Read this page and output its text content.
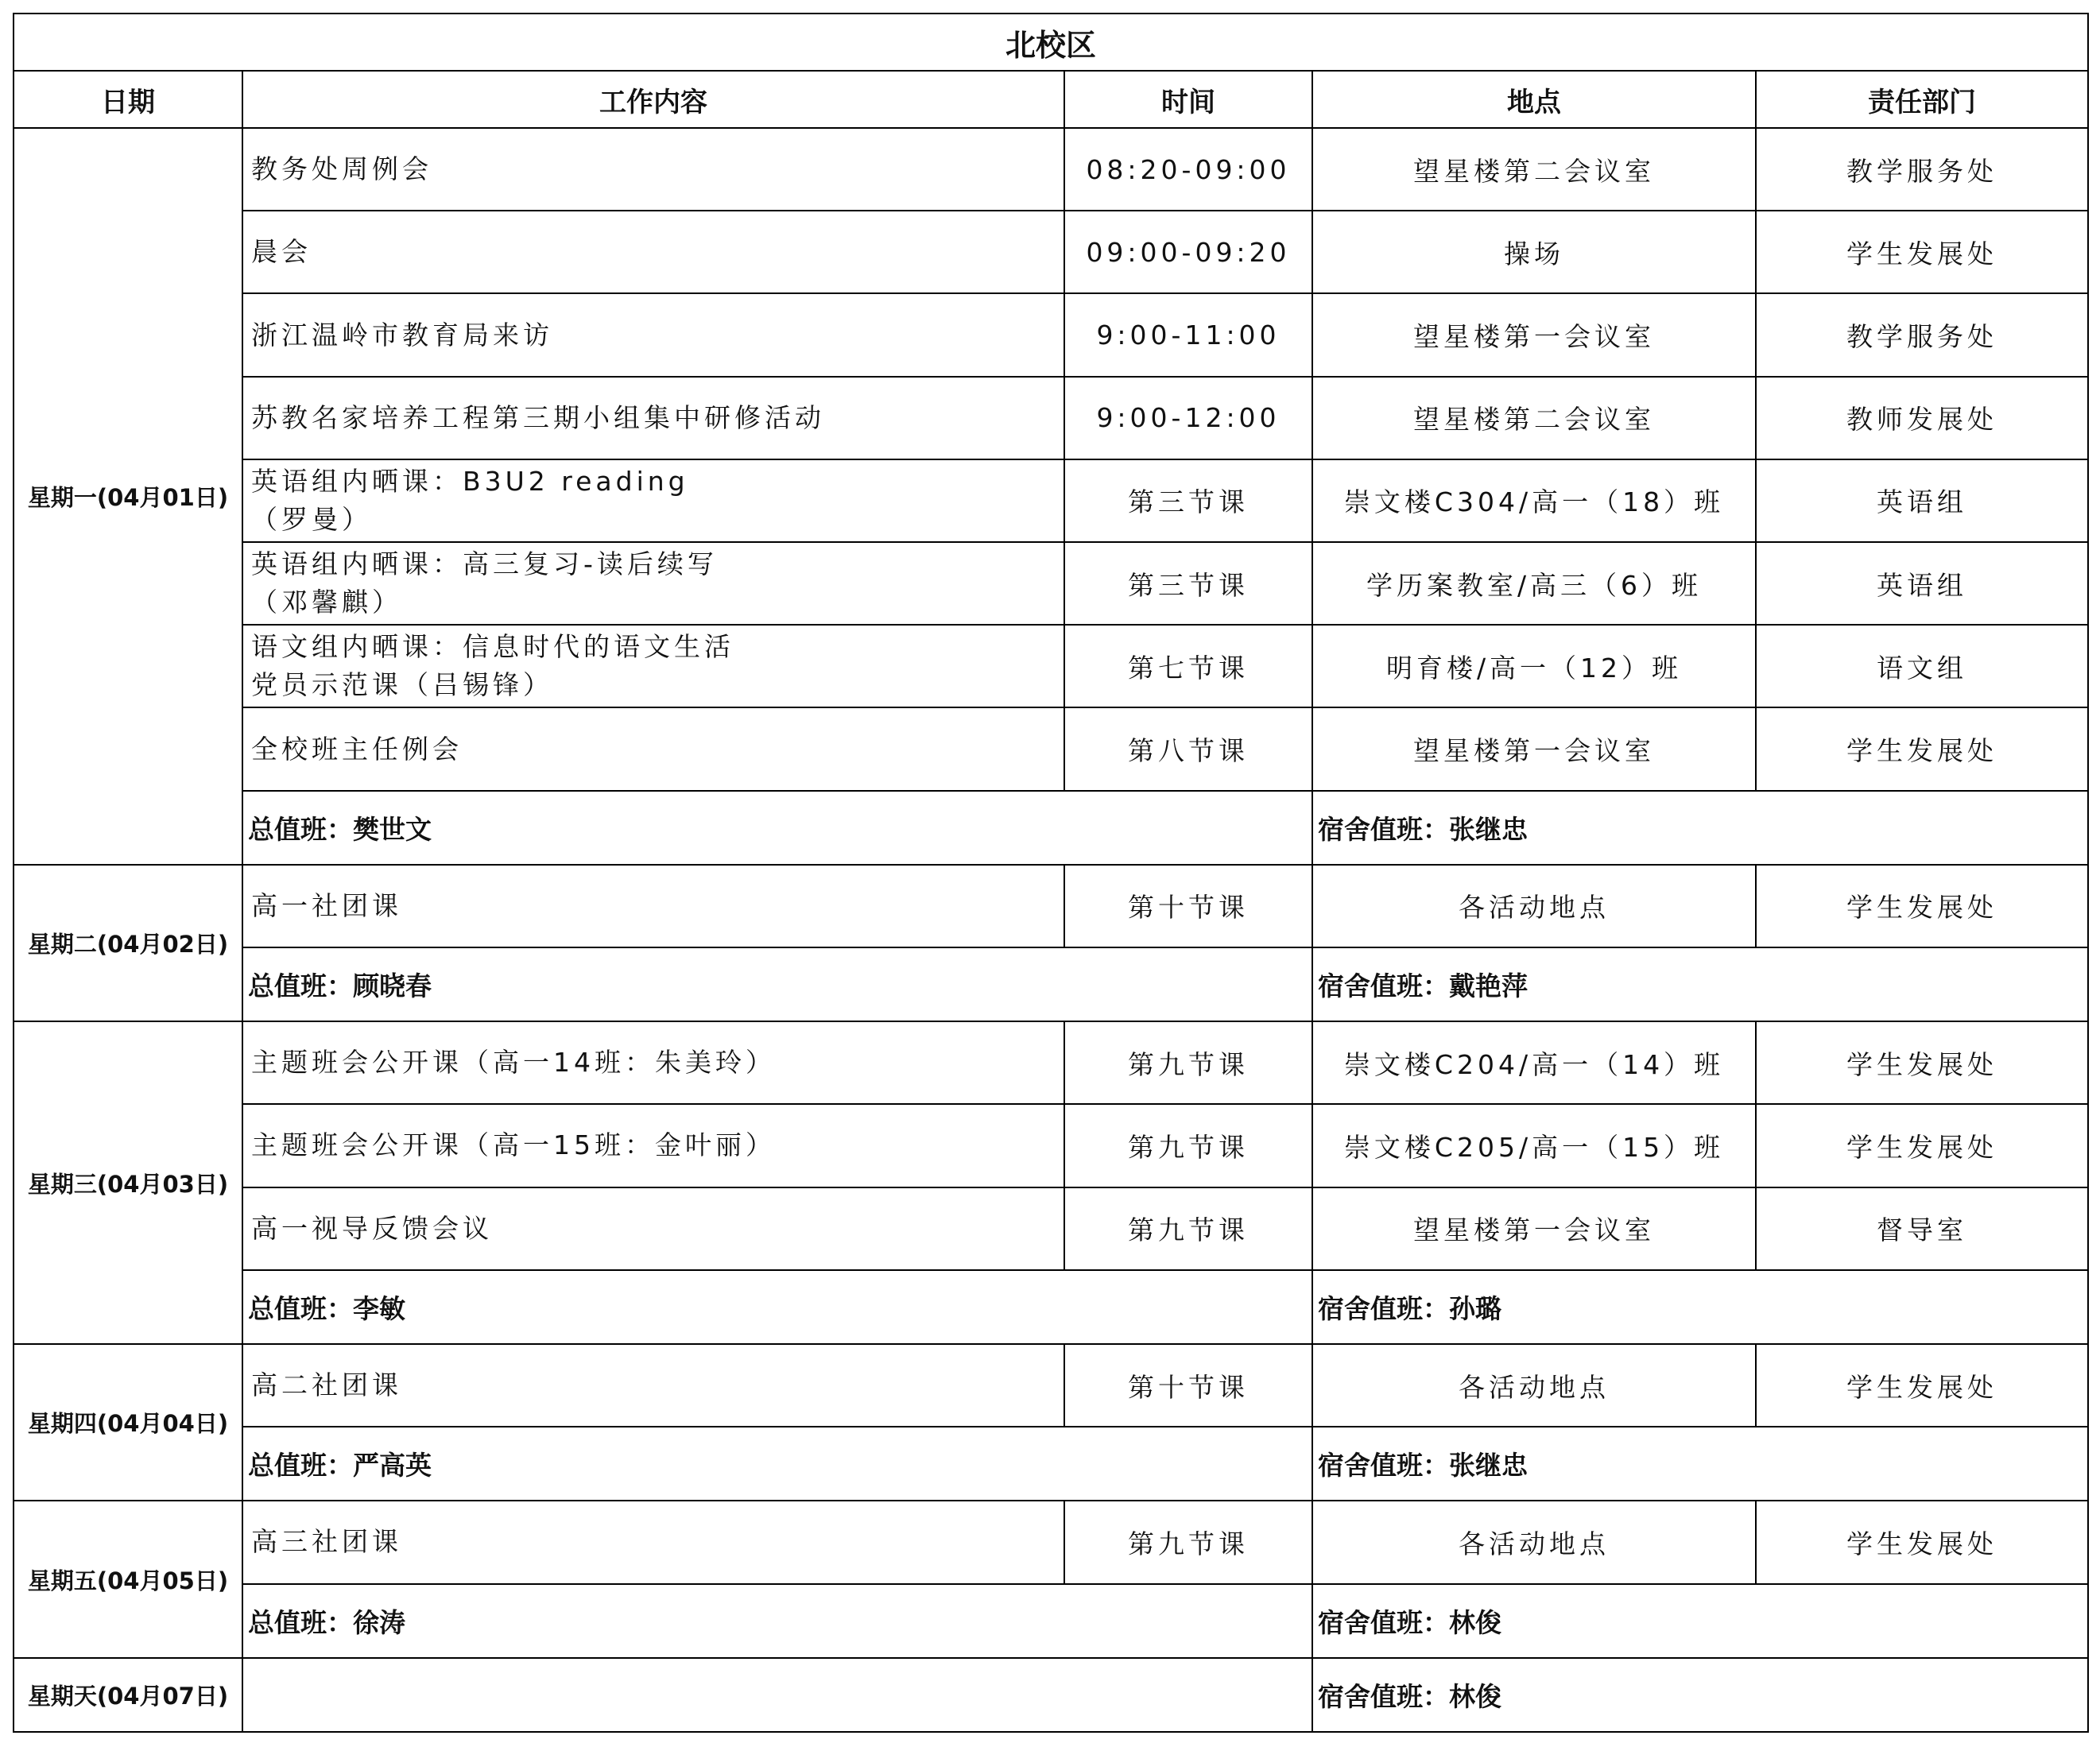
北校区				
日期	工作内容	时间	地点	责任部门
星期一(04月01日)	教务处周例会	08:20-09:00	望星楼第二会议室	教学服务处

	晨会	09:00-09:20	操场	学生发展处

	浙江温岭市教育局来访	9:00-11:00	望星楼第一会议室	教学服务处

	苏教名家培养工程第三期小组集中研修活动	9:00-12:00	望星楼第二会议室	教师发展处

	英语组内晒课：B3U2 reading
（罗曼）	第三节课	崇文楼C304/高一（18）班	英语组

	英语组内晒课：高三复习-读后续写
（邓馨麒）	第三节课	学历案教室/高三（6）班	英语组

	语文组内晒课：信息时代的语文生活
党员示范课（吕锡锋）	第七节课	明育楼/高一（12）班	语文组

	全校班主任例会	第八节课	望星楼第一会议室	学生发展处
	总值班：樊世文		宿舍值班：张继忠	
星期二(04月02日)	高一社团课	第十节课	各活动地点	学生发展处
	总值班：顾晓春		宿舍值班：戴艳萍	
星期三(04月03日)	主题班会公开课（高一14班：朱美玲）	第九节课	崇文楼C204/高一（14）班	学生发展处

	主题班会公开课（高一15班：金叶丽）	第九节课	崇文楼C205/高一（15）班	学生发展处

	高一视导反馈会议	第九节课	望星楼第一会议室	督导室
	总值班：李敏		宿舍值班：孙璐	
星期四(04月04日)	高二社团课	第十节课	各活动地点	学生发展处
	总值班：严高英		宿舍值班：张继忠	
星期五(04月05日)	高三社团课	第九节课	各活动地点	学生发展处
	总值班：徐涛		宿舍值班：林俊	
星期天(04月07日)			宿舍值班：林俊	
